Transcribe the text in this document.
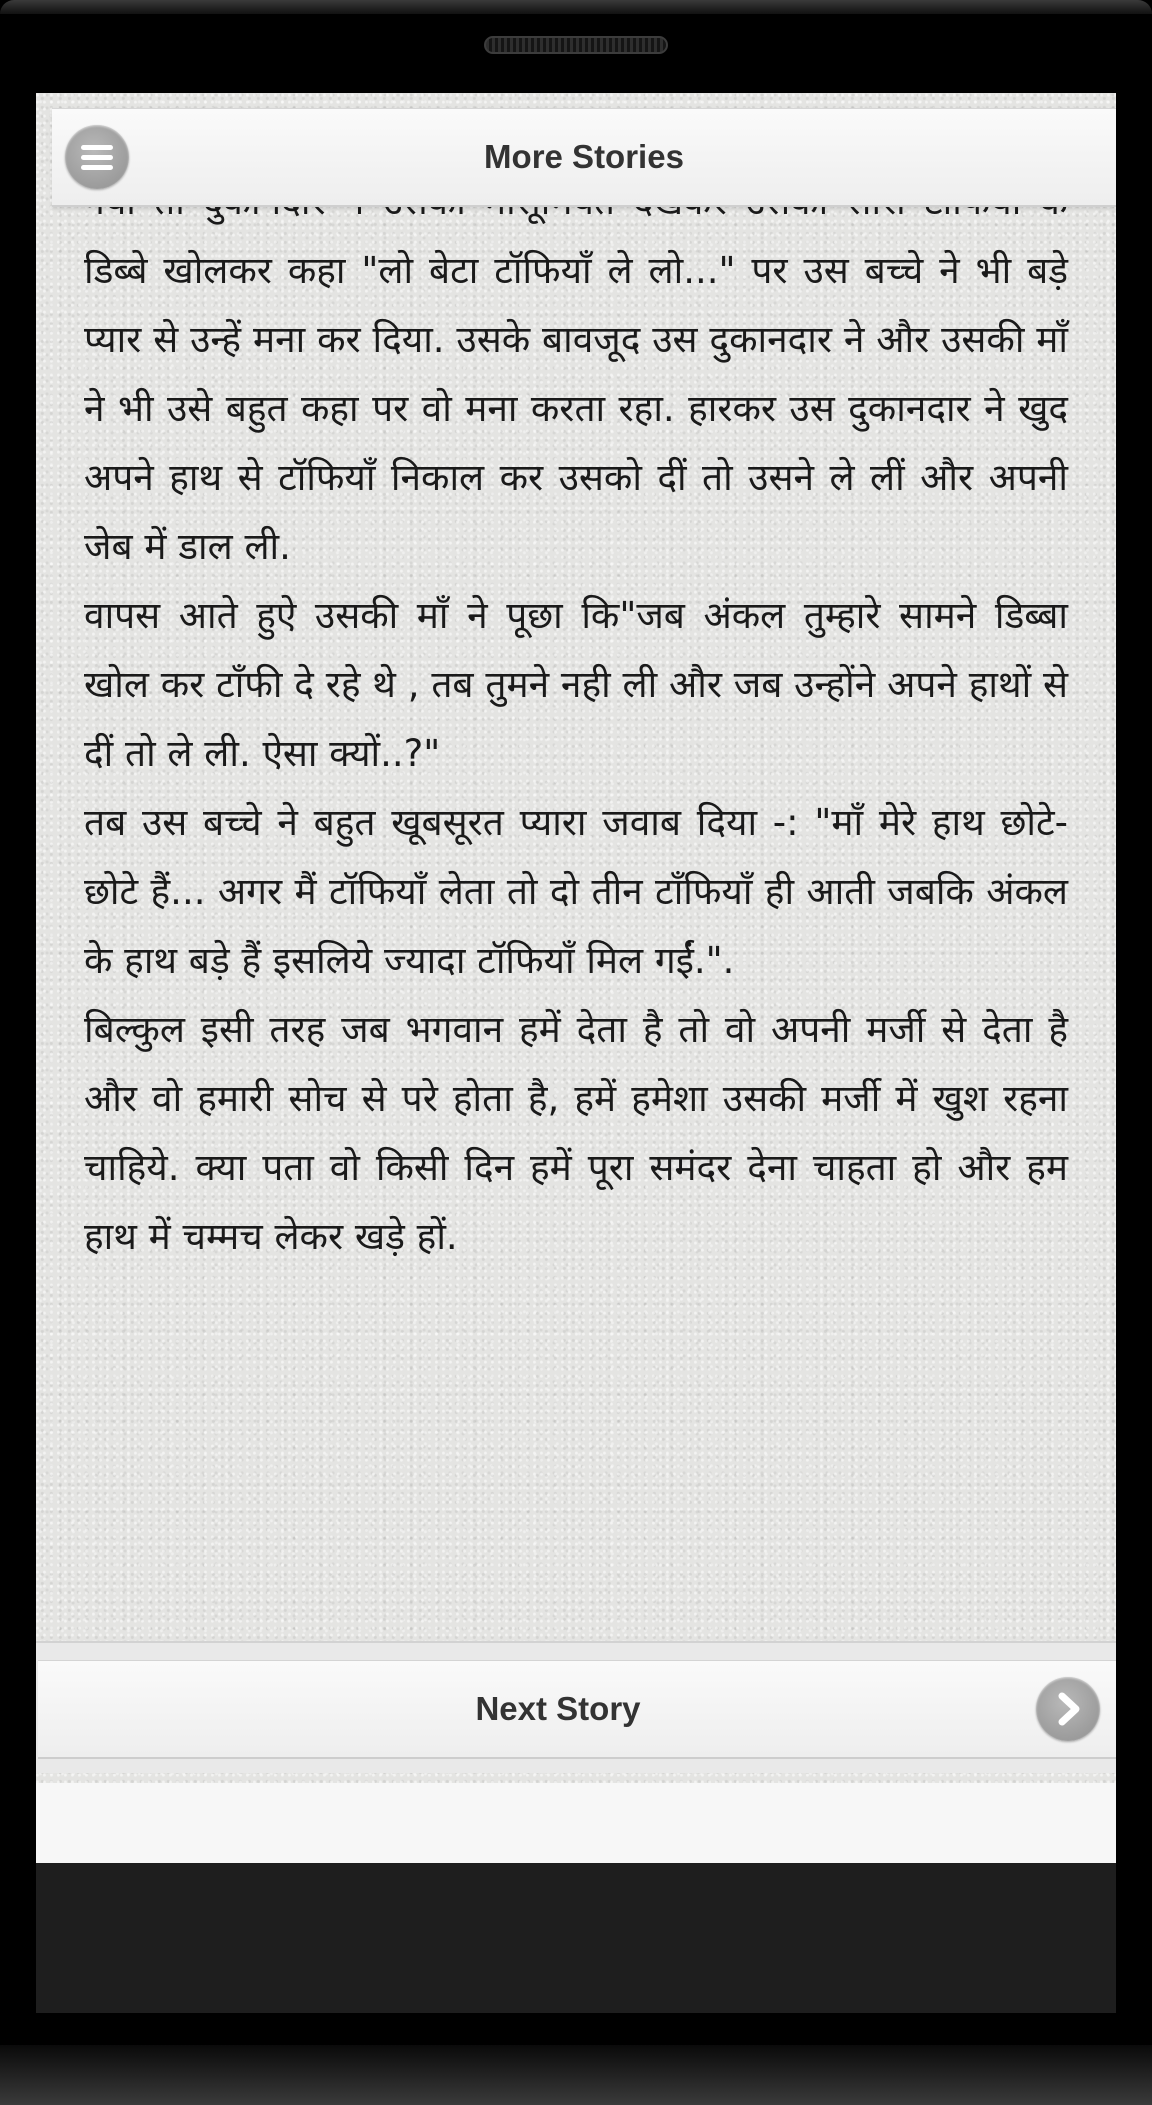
डिब्बे खोलकर कहा "लो बेटा टॉफियाँ ले लो..." पर उस बच्चे ने भी बड़े प्यार से उन्हें मना कर दिया. उसके बावजूद उस दुकानदार ने और उसकी माँ ने भी उसे बहुत कहा पर वो मना करता रहा. हारकर उस दुकानदार ने खुद अपने हाथ से टॉफियाँ निकाल कर उसको दीं तो उसने ले लीं और अपनी जेब में डाल ली.

वापस आते हुऐ उसकी माँ ने पूछा कि"जब अंकल तुम्हारे सामने डिब्बा खोल कर टाँफी दे रहे थे , तब तुमने नही ली और जब उन्होंने अपने हाथों से दीं तो ले ली. ऐसा क्यों..?"

तब उस बच्चे ने बहुत खूबसूरत प्यारा जवाब दिया -: "माँ मेरे हाथ छोटे-छोटे हैं... अगर मैं टॉफियाँ लेता तो दो तीन टाँफियाँ ही आती जबकि अंकल के हाथ बड़े हैं इसलिये ज्यादा टॉफियाँ मिल गईं.".

बिल्कुल इसी तरह जब भगवान हमें देता है तो वो अपनी मर्जी से देता है और वो हमारी सोच से परे होता है, हमें हमेशा उसकी मर्जी में खुश रहना चाहिये. क्या पता वो किसी दिन हमें पूरा समंदर देना चाहता हो और हम हाथ में चम्मच लेकर खड़े हों.

More Stories
Next Story
